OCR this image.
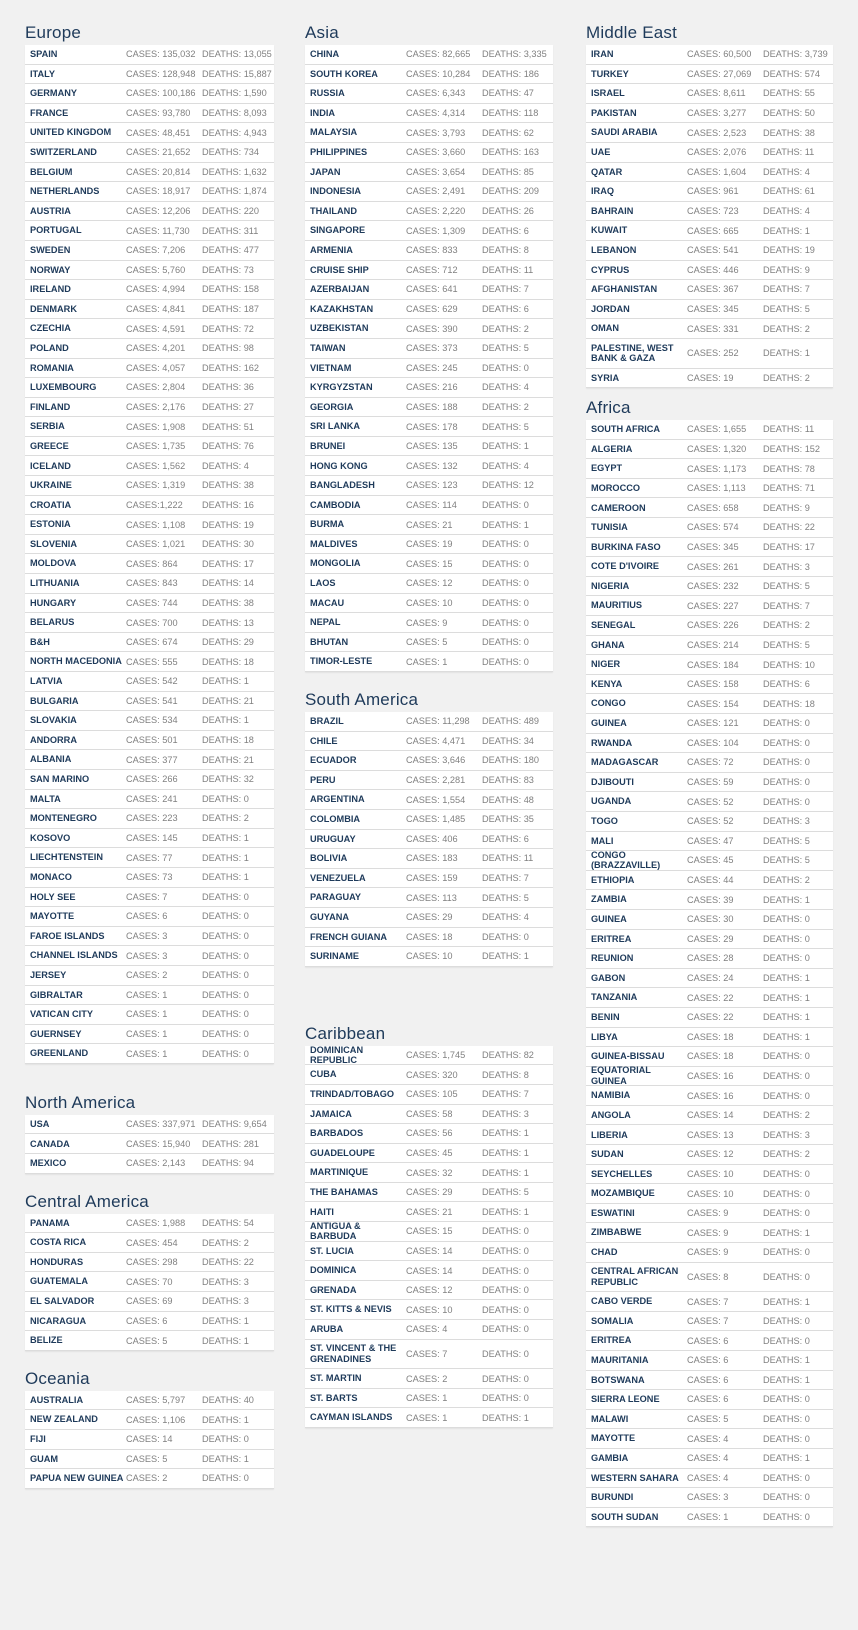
Europe
SPAIN	CASES: 135,032 DEATHS: 13,055
ITALY	CASES: 128,948 DEATHS: 15,887
GERMANY	CASES: 100,186 DEATHS: 1,590
FRANCE	CASES: 93,780	DEATHS: 8,093
UNITED KINGDOM	CASES: 48,451	DEATHS: 4,943
SWITZERLAND	CASES: 21,652	DEATHS: 734
BELGIUM	CASES: 20,814	DEATHS: 1,632
NETHERLANDS	CASES: 18,917	DEATHS: 1,874
AUSTRIA	CASES: 12,206	DEATHS: 220
PORTUGAL	CASES: 11,730	DEATHS: 311
SWEDEN	CASES: 7,206	DEATHS: 477
NORWAY	CASES: 5,760	DEATHS: 73
IRELAND	CASES: 4,994	DEATHS: 158
DENMARK	CASES: 4,841	DEATHS: 187
CZECHIA	CASES: 4,591	DEATHS: 72
POLAND	CASES: 4,201	DEATHS: 98
ROMANIA	CASES: 4,057	DEATHS: 162
LUXEMBOURG	CASES: 2,804	DEATHS: 36
FINLAND	CASES: 2,176	DEATHS: 27
SERBIA	CASES: 1,908	DEATHS: 51
GREECE	CASES: 1,735	DEATHS: 76
ICELAND	CASES: 1,562	DEATHS: 4
UKRAINE	CASES: 1,319	DEATHS: 38
CROATIA	CASES:1,222	DEATHS: 16
ESTONIA	CASES: 1,108	DEATHS: 19
SLOVENIA	CASES: 1,021	DEATHS: 30
MOLDOVA	CASES: 864	DEATHS: 17
LITHUANIA	CASES: 843	DEATHS: 14
HUNGARY	CASES: 744	DEATHS: 38
BELARUS	CASES: 700	DEATHS: 13
B&H	CASES: 674	DEATHS: 29
NORTH MACEDONIA CASES: 555	DEATHS: 18
LATVIA	CASES: 542	DEATHS: 1
BULGARIA	CASES: 541	DEATHS: 21
SLOVAKIA	CASES: 534	DEATHS: 1
ANDORRA	CASES: 501	DEATHS: 18
ALBANIA	CASES: 377	DEATHS: 21
SAN MARINO	CASES: 266	DEATHS: 32
MALTA	CASES: 241	DEATHS: 0
MONTENEGRO	CASES: 223	DEATHS: 2
KOSOVO	CASES: 145	DEATHS: 1
LIECHTENSTEIN	CASES: 77	DEATHS: 1
MONACO	CASES: 73	DEATHS: 1
HOLY SEE	CASES: 7	DEATHS: 0
MAYOTTE	CASES: 6	DEATHS: 0
FAROE ISLANDS	CASES: 3	DEATHS: 0
CHANNEL ISLANDS CASES: 3	DEATHS: 0
JERSEY	CASES: 2	DEATHS: 0
GIBRALTAR	CASES: 1	DEATHS: 0
VATICAN CITY	CASES: 1	DEATHS: 0
GUERNSEY	CASES: 1	DEATHS: 0
GREENLAND	CASES: 1	DEATHS: 0
North America
USA	CASES: 337,971 DEATHS: 9,654
CANADA	CASES: 15,940	DEATHS: 281
MEXICO	CASES: 2,143	DEATHS: 94
Central America
PANAMA	CASES: 1,988	DEATHS: 54
COSTA RICA	CASES: 454	DEATHS: 2
HONDURAS	CASES: 298	DEATHS: 22
GUATEMALA	CASES: 70	DEATHS: 3
EL SALVADOR	CASES: 69	DEATHS: 3
NICARAGUA	CASES: 6	DEATHS: 1
BELIZE	CASES: 5	DEATHS: 1
Oceania
AUSTRALIA	CASES: 5,797	DEATHS: 40
NEW ZEALAND	CASES: 1,106	DEATHS: 1
FIJI	CASES: 14	DEATHS: 0
GUAM	CASES: 5	DEATHS: 1
PAPUA NEW GUINEA CASES: 2	DEATHS: 0
Asia
CHINA	CASES: 82,665	DEATHS: 3,335
SOUTH KOREA	CASES: 10,284	DEATHS: 186
RUSSIA	CASES: 6,343	DEATHS: 47
INDIA	CASES: 4,314	DEATHS: 118
MALAYSIA	CASES: 3,793	DEATHS: 62
PHILIPPINES	CASES: 3,660	DEATHS: 163
JAPAN	CASES: 3,654	DEATHS: 85
INDONESIA	CASES: 2,491	DEATHS: 209
THAILAND	CASES: 2,220	DEATHS: 26
SINGAPORE	CASES: 1,309	DEATHS: 6
ARMENIA	CASES: 833	DEATHS: 8
CRUISE SHIP	CASES: 712	DEATHS: 11
AZERBAIJAN	CASES: 641	DEATHS: 7
KAZAKHSTAN	CASES: 629	DEATHS: 6
UZBEKISTAN	CASES: 390	DEATHS: 2
TAIWAN	CASES: 373	DEATHS: 5
VIETNAM	CASES: 245	DEATHS: 0
KYRGYZSTAN	CASES: 216	DEATHS: 4
GEORGIA	CASES: 188	DEATHS: 2
SRI LANKA	CASES: 178	DEATHS: 5
BRUNEI	CASES: 135	DEATHS: 1
HONG KONG	CASES: 132	DEATHS: 4
BANGLADESH	CASES: 123	DEATHS: 12
CAMBODIA	CASES: 114	DEATHS: 0
BURMA	CASES: 21	DEATHS: 1
MALDIVES	CASES: 19	DEATHS: 0
MONGOLIA	CASES: 15	DEATHS: 0
LAOS	CASES: 12	DEATHS: 0
MACAU	CASES: 10	DEATHS: 0
NEPAL	CASES: 9	DEATHS: 0
BHUTAN	CASES: 5	DEATHS: 0
TIMOR-LESTE	CASES: 1	DEATHS: 0
South America
BRAZIL	CASES: 11,298	DEATHS: 489
CHILE	CASES: 4,471	DEATHS: 34
ECUADOR	CASES: 3,646	DEATHS: 180
PERU	CASES: 2,281	DEATHS: 83
ARGENTINA	CASES: 1,554	DEATHS: 48
COLOMBIA	CASES: 1,485	DEATHS: 35
URUGUAY	CASES: 406	DEATHS: 6
BOLIVIA	CASES: 183	DEATHS: 11
VENEZUELA	CASES: 159	DEATHS: 7
PARAGUAY	CASES: 113	DEATHS: 5
GUYANA	CASES: 29	DEATHS: 4
FRENCH GUIANA	CASES: 18	DEATHS: 0
SURINAME	CASES: 10	DEATHS: 1
Caribbean
DOMINICAN REPUBLIC	CASES: 1,745	DEATHS: 82
CUBA	CASES: 320	DEATHS: 8
TRINDAD/TOBAGO	CASES: 105	DEATHS: 7
JAMAICA	CASES: 58	DEATHS: 3
BARBADOS	CASES: 56	DEATHS: 1
GUADELOUPE	CASES: 45	DEATHS: 1
MARTINIQUE	CASES: 32	DEATHS: 1
THE BAHAMAS	CASES: 29	DEATHS: 5
HAITI	CASES: 21	DEATHS: 1
ANTIGUA & BARBUDA	CASES: 15	DEATHS: 0
ST. LUCIA	CASES: 14	DEATHS: 0
DOMINICA	CASES: 14	DEATHS: 0
GRENADA	CASES: 12	DEATHS: 0
ST. KITTS & NEVIS	CASES: 10	DEATHS: 0
ARUBA	CASES: 4	DEATHS: 0
ST. VINCENT & THE GRENADINES	CASES: 7	DEATHS: 0
ST. MARTIN	CASES: 2	DEATHS: 0
ST. BARTS	CASES: 1	DEATHS: 0
CAYMAN ISLANDS	CASES: 1	DEATHS: 1
Middle East
IRAN	CASES: 60,500	DEATHS: 3,739
TURKEY	CASES: 27,069	DEATHS: 574
ISRAEL	CASES: 8,611	DEATHS: 55
PAKISTAN	CASES: 3,277	DEATHS: 50
SAUDI ARABIA	CASES: 2,523	DEATHS: 38
UAE	CASES: 2,076	DEATHS: 11
QATAR	CASES: 1,604	DEATHS: 4
IRAQ	CASES: 961	DEATHS: 61
BAHRAIN	CASES: 723	DEATHS: 4
KUWAIT	CASES: 665	DEATHS: 1
LEBANON	CASES: 541	DEATHS: 19
CYPRUS	CASES: 446	DEATHS: 9
AFGHANISTAN	CASES: 367	DEATHS: 7
JORDAN	CASES: 345	DEATHS: 5
OMAN	CASES: 331	DEATHS: 2
PALESTINE, WEST BANK & GAZA	CASES: 252	DEATHS: 1
SYRIA	CASES: 19	DEATHS: 2
Africa
SOUTH AFRICA	CASES: 1,655	DEATHS: 11
ALGERIA	CASES: 1,320	DEATHS: 152
EGYPT	CASES: 1,173	DEATHS: 78
MOROCCO	CASES: 1,113	DEATHS: 71
CAMEROON	CASES: 658	DEATHS: 9
TUNISIA	CASES: 574	DEATHS: 22
BURKINA FASO	CASES: 345	DEATHS: 17
COTE D'IVOIRE	CASES: 261	DEATHS: 3
NIGERIA	CASES: 232	DEATHS: 5
MAURITIUS	CASES: 227	DEATHS: 7
SENEGAL	CASES: 226	DEATHS: 2
GHANA	CASES: 214	DEATHS: 5
NIGER	CASES: 184	DEATHS: 10
KENYA	CASES: 158	DEATHS: 6
CONGO	CASES: 154	DEATHS: 18
GUINEA	CASES: 121	DEATHS: 0
RWANDA	CASES: 104	DEATHS: 0
MADAGASCAR	CASES: 72	DEATHS: 0
DJIBOUTI	CASES: 59	DEATHS: 0
UGANDA	CASES: 52	DEATHS: 0
TOGO	CASES: 52	DEATHS: 3
MALI	CASES: 47	DEATHS: 5
CONGO (BRAZZAVILLE)	CASES: 45	DEATHS: 5
ETHIOPIA	CASES: 44	DEATHS: 2
ZAMBIA	CASES: 39	DEATHS: 1
GUINEA	CASES: 30	DEATHS: 0
ERITREA	CASES: 29	DEATHS: 0
REUNION	CASES: 28	DEATHS: 0
GABON	CASES: 24	DEATHS: 1
TANZANIA	CASES: 22	DEATHS: 1
BENIN	CASES: 22	DEATHS: 1
LIBYA	CASES: 18	DEATHS: 1
GUINEA-BISSAU	CASES: 18	DEATHS: 0
EQUATORIAL GUINEA	CASES: 16	DEATHS: 0
NAMIBIA	CASES: 16	DEATHS: 0
ANGOLA	CASES: 14	DEATHS: 2
LIBERIA	CASES: 13	DEATHS: 3
SUDAN	CASES: 12	DEATHS: 2
SEYCHELLES	CASES: 10	DEATHS: 0
MOZAMBIQUE	CASES: 10	DEATHS: 0
ESWATINI	CASES: 9	DEATHS: 0
ZIMBABWE	CASES: 9	DEATHS: 1
CHAD	CASES: 9	DEATHS: 0
CENTRAL AFRICAN REPUBLIC	CASES: 8	DEATHS: 0
CABO VERDE	CASES: 7	DEATHS: 1
SOMALIA	CASES: 7	DEATHS: 0
ERITREA	CASES: 6	DEATHS: 0
MAURITANIA	CASES: 6	DEATHS: 1
BOTSWANA	CASES: 6	DEATHS: 1
SIERRA LEONE	CASES: 6	DEATHS: 0
MALAWI	CASES: 5	DEATHS: 0
MAYOTTE	CASES: 4	DEATHS: 0
GAMBIA	CASES: 4	DEATHS: 1
WESTERN SAHARA CASES: 4	DEATHS: 0
BURUNDI	CASES: 3	DEATHS: 0
SOUTH SUDAN	CASES: 1	DEATHS: 0
